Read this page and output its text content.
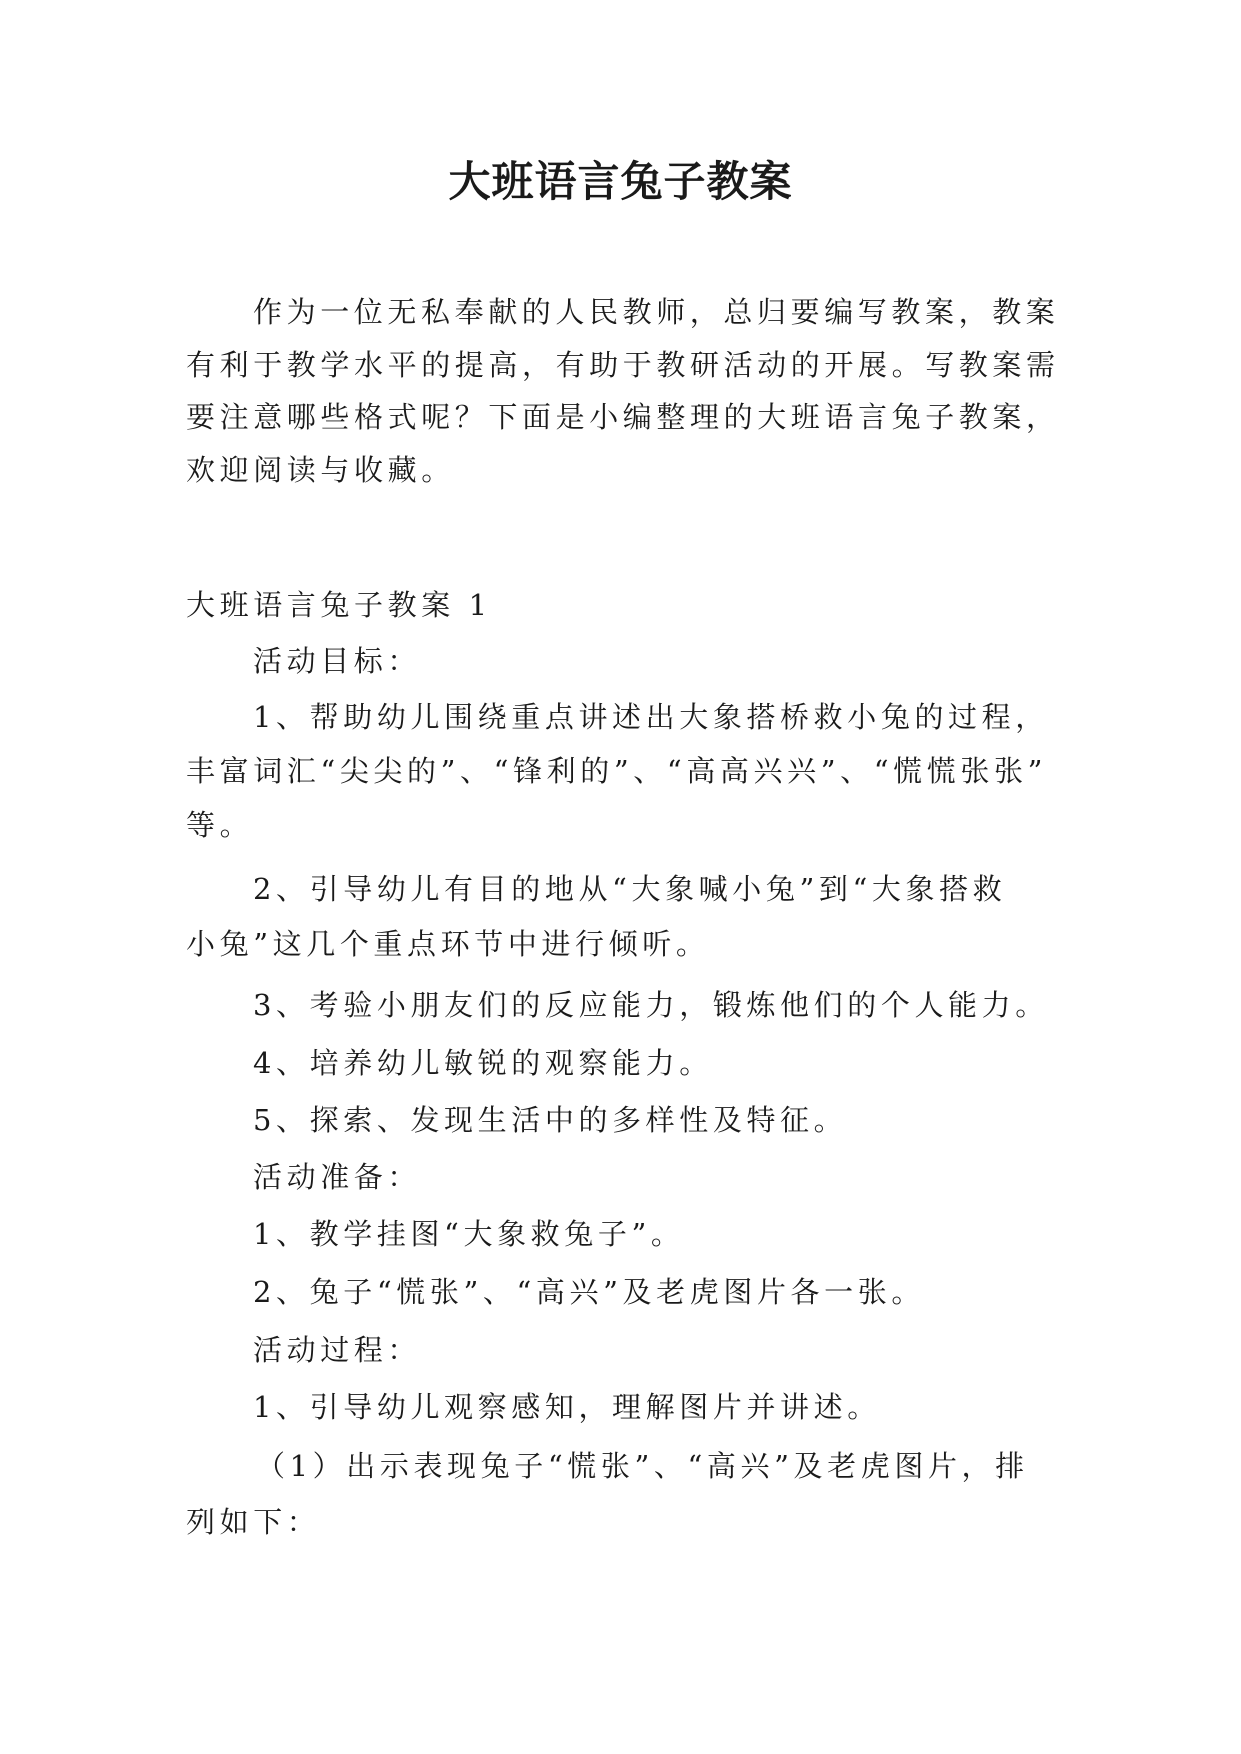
大班语言兔子教案
作为一位无私奉献的人民教师，总归要编写教案，教案
有利于教学水平的提高，有助于教研活动的开展。写教案需
要注意哪些格式呢？下面是小编整理的大班语言兔子教案，
欢迎阅读与收藏。
大班语言兔子教案 1
活动目标：
1、帮助幼儿围绕重点讲述出大象搭桥救小兔的过程，
丰富词汇“尖尖的”、“锋利的”、“高高兴兴”、“慌慌张张”
等。
2、引导幼儿有目的地从“大象喊小兔”到“大象搭救
小兔”这几个重点环节中进行倾听。
3、考验小朋友们的反应能力，锻炼他们的个人能力。
4、培养幼儿敏锐的观察能力。
5、探索、发现生活中的多样性及特征。
活动准备：
1、教学挂图“大象救兔子”。
2、兔子“慌张”、“高兴”及老虎图片各一张。
活动过程：
1、引导幼儿观察感知，理解图片并讲述。
（1）出示表现兔子“慌张”、“高兴”及老虎图片，排
列如下：
